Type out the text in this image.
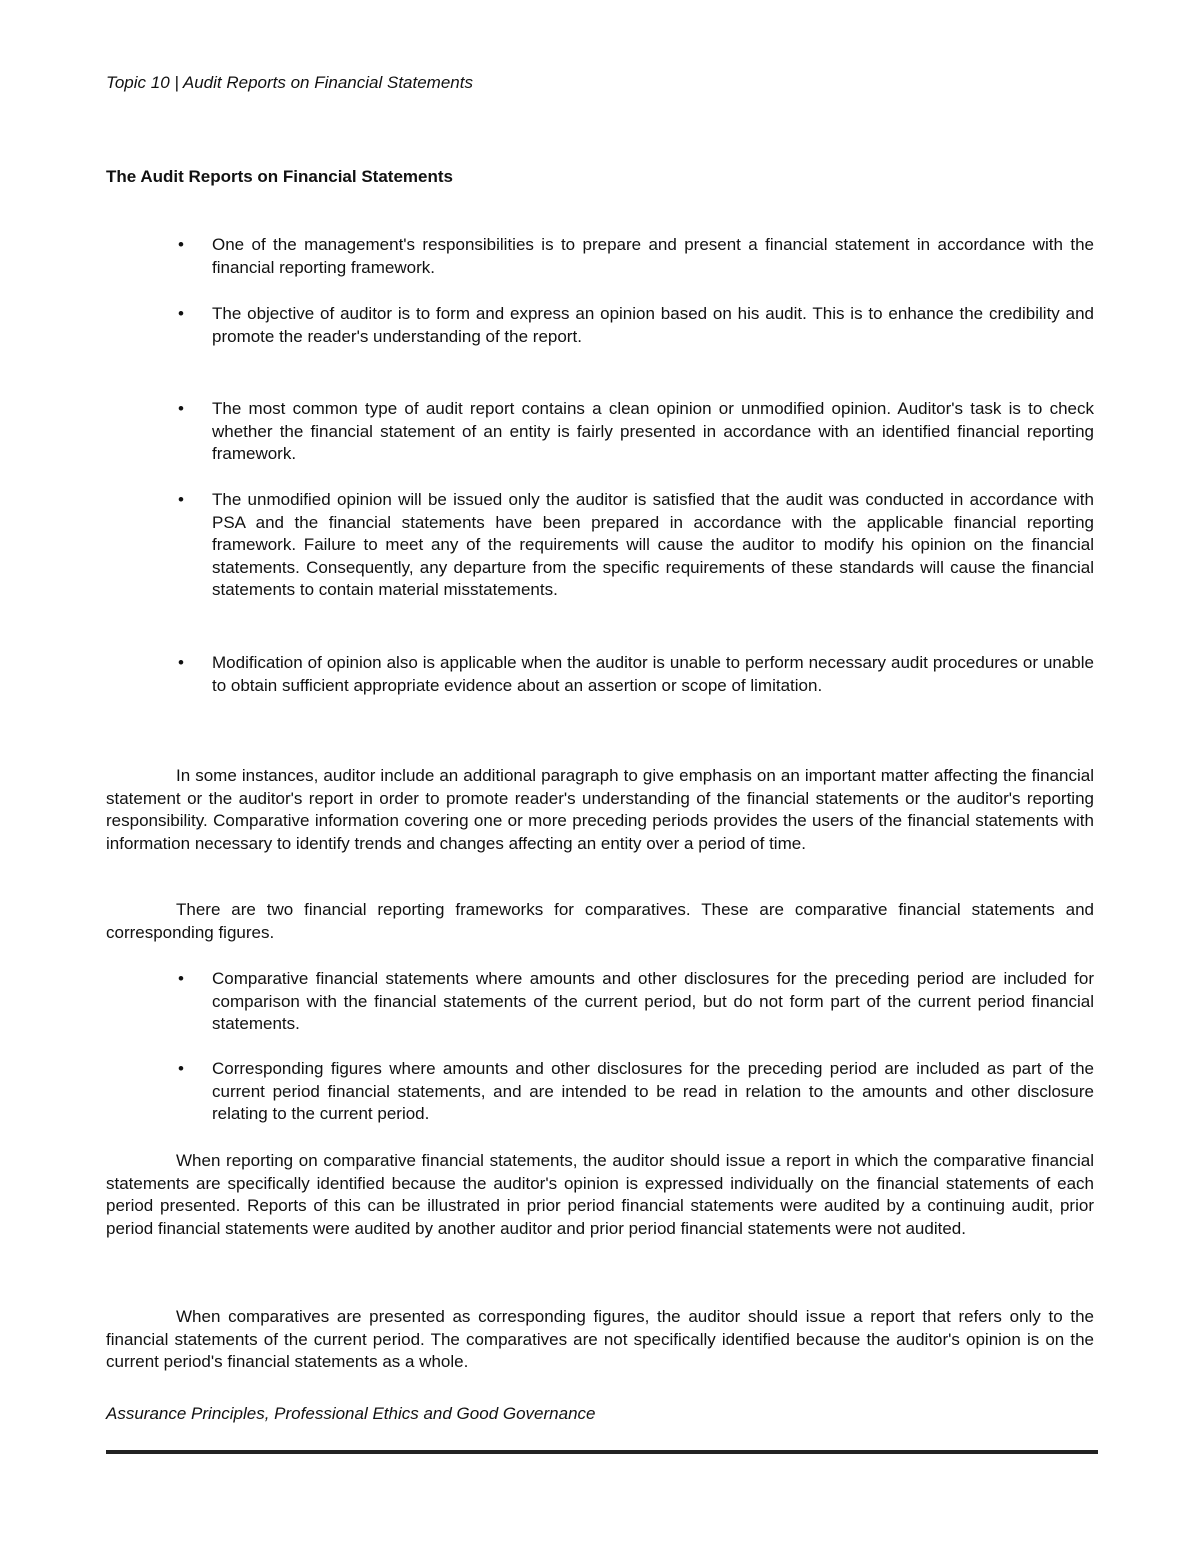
Topic 10 | Audit Reports on Financial Statements
The Audit Reports on Financial Statements
• One of the management's responsibilities is to prepare and present a financial statement in accordance with the financial reporting framework.
• The objective of auditor is to form and express an opinion based on his audit. This is to enhance the credibility and promote the reader's understanding of the report.
• The most common type of audit report contains a clean opinion or unmodified opinion. Auditor's task is to check whether the financial statement of an entity is fairly presented in accordance with an identified financial reporting framework.
• The unmodified opinion will be issued only the auditor is satisfied that the audit was conducted in accordance with PSA and the financial statements have been prepared in accordance with the applicable financial reporting framework. Failure to meet any of the requirements will cause the auditor to modify his opinion on the financial statements. Consequently, any departure from the specific requirements of these standards will cause the financial statements to contain material misstatements.
• Modification of opinion also is applicable when the auditor is unable to perform necessary audit procedures or unable to obtain sufficient appropriate evidence about an assertion or scope of limitation.
In some instances, auditor include an additional paragraph to give emphasis on an important matter affecting the financial statement or the auditor's report in order to promote reader's understanding of the financial statements or the auditor's reporting responsibility. Comparative information covering one or more preceding periods provides the users of the financial statements with information necessary to identify trends and changes affecting an entity over a period of time.
There are two financial reporting frameworks for comparatives. These are comparative financial statements and corresponding figures.
• Comparative financial statements where amounts and other disclosures for the preceding period are included for comparison with the financial statements of the current period, but do not form part of the current period financial statements.
• Corresponding figures where amounts and other disclosures for the preceding period are included as part of the current period financial statements, and are intended to be read in relation to the amounts and other disclosure relating to the current period.
When reporting on comparative financial statements, the auditor should issue a report in which the comparative financial statements are specifically identified because the auditor's opinion is expressed individually on the financial statements of each period presented. Reports of this can be illustrated in prior period financial statements were audited by a continuing audit, prior period financial statements were audited by another auditor and prior period financial statements were not audited.
When comparatives are presented as corresponding figures, the auditor should issue a report that refers only to the financial statements of the current period. The comparatives are not specifically identified because the auditor's opinion is on the current period's financial statements as a whole.
Assurance Principles, Professional Ethics and Good Governance
